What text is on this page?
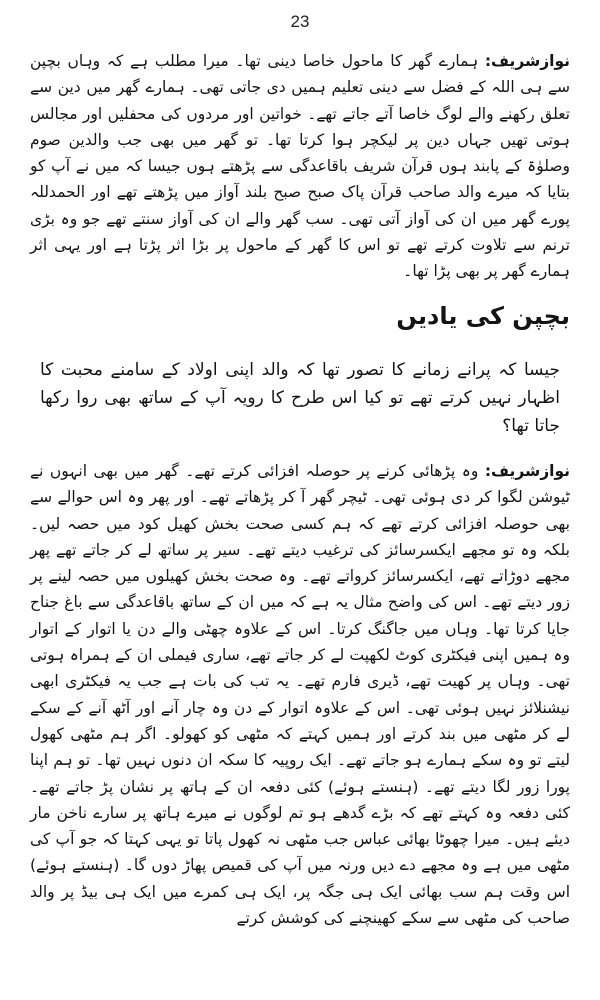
23

نوازشریف: ہمارے گھر کا ماحول خاصا دینی تھا۔ میرا مطلب ہے کہ وہاں بچپن سے ہی اللہ کے فضل سے دینی تعلیم ہمیں دی جاتی تھی۔ ہمارے گھر میں دین سے تعلق رکھنے والے لوگ خاصا آتے جاتے تھے۔ خواتین اور مردوں کی محفلیں اور مجالس ہوتی تھیں جہاں دین پر لیکچر ہوا کرتا تھا۔ تو گھر میں بھی جب والدین صوم وصلوٰۃ کے پابند ہوں قرآن شریف باقاعدگی سے پڑھتے ہوں جیسا کہ میں نے آپ کو بتایا کہ میرے والد صاحب قرآن پاک صبح صبح بلند آواز میں پڑھتے تھے اور الحمدللہ پورے گھر میں ان کی آواز آتی تھی۔ سب گھر والے ان کی آواز سنتے تھے جو وہ بڑی ترنم سے تلاوت کرتے تھے تو اس کا گھر کے ماحول پر بڑا اثر پڑتا ہے اور یہی اثر ہمارے گھر پر بھی پڑا تھا۔

بچپن کی یادیں

جیسا کہ پرانے زمانے کا تصور تھا کہ والد اپنی اولاد کے سامنے محبت کا اظہار نہیں کرتے تھے تو کیا اس طرح کا رویہ آپ کے ساتھ بھی روا رکھا جاتا تھا؟

نوازشریف: وہ پڑھائی کرنے پر حوصلہ افزائی کرتے تھے۔ گھر میں بھی انہوں نے ٹیوشن لگوا کر دی ہوئی تھی۔ ٹیچر گھر آ کر پڑھاتے تھے۔ اور پھر وہ اس حوالے سے بھی حوصلہ افزائی کرتے تھے کہ ہم کسی صحت بخش کھیل کود میں حصہ لیں۔ بلکہ وہ تو مجھے ایکسرسائز کی ترغیب دیتے تھے۔ سیر پر ساتھ لے کر جاتے تھے پھر مجھے دوڑاتے تھے، ایکسرسائز کرواتے تھے۔ وہ صحت بخش کھیلوں میں حصہ لینے پر زور دیتے تھے۔ اس کی واضح مثال یہ ہے کہ میں ان کے ساتھ باقاعدگی سے باغ جناح جایا کرتا تھا۔ وہاں میں جاگنگ کرتا۔ اس کے علاوہ چھٹی والے دن یا اتوار کے اتوار وہ ہمیں اپنی فیکٹری کوٹ لکھپت لے کر جاتے تھے، ساری فیملی ان کے ہمراہ ہوتی تھی۔ وہاں پر کھیت تھے، ڈیری فارم تھے۔ یہ تب کی بات ہے جب یہ فیکٹری ابھی نیشنلائز نہیں ہوئی تھی۔ اس کے علاوہ اتوار کے دن وہ چار آنے اور آٹھ آنے کے سکے لے کر مٹھی میں بند کرتے اور ہمیں کہتے کہ مٹھی کو کھولو۔ اگر ہم مٹھی کھول لیتے تو وہ سکے ہمارے ہو جاتے تھے۔ ایک روپیہ کا سکہ ان دنوں نہیں تھا۔ تو ہم اپنا پورا زور لگا دیتے تھے۔ (ہنستے ہوئے) کئی دفعہ ان کے ہاتھ پر نشان پڑ جاتے تھے۔ کئی دفعہ وہ کہتے تھے کہ بڑے گدھے ہو تم لوگوں نے میرے ہاتھ پر سارے ناخن مار دیئے ہیں۔ میرا چھوٹا بھائی عباس جب مٹھی نہ کھول پاتا تو یہی کہتا کہ جو آپ کی مٹھی میں ہے وہ مجھے دے دیں ورنہ میں آپ کی قمیص پھاڑ دوں گا۔ (ہنستے ہوئے) اس وقت ہم سب بھائی ایک ہی جگہ پر، ایک ہی کمرے میں ایک ہی بیڈ پر والد صاحب کی مٹھی سے سکے کھینچنے کی کوشش کرتے
